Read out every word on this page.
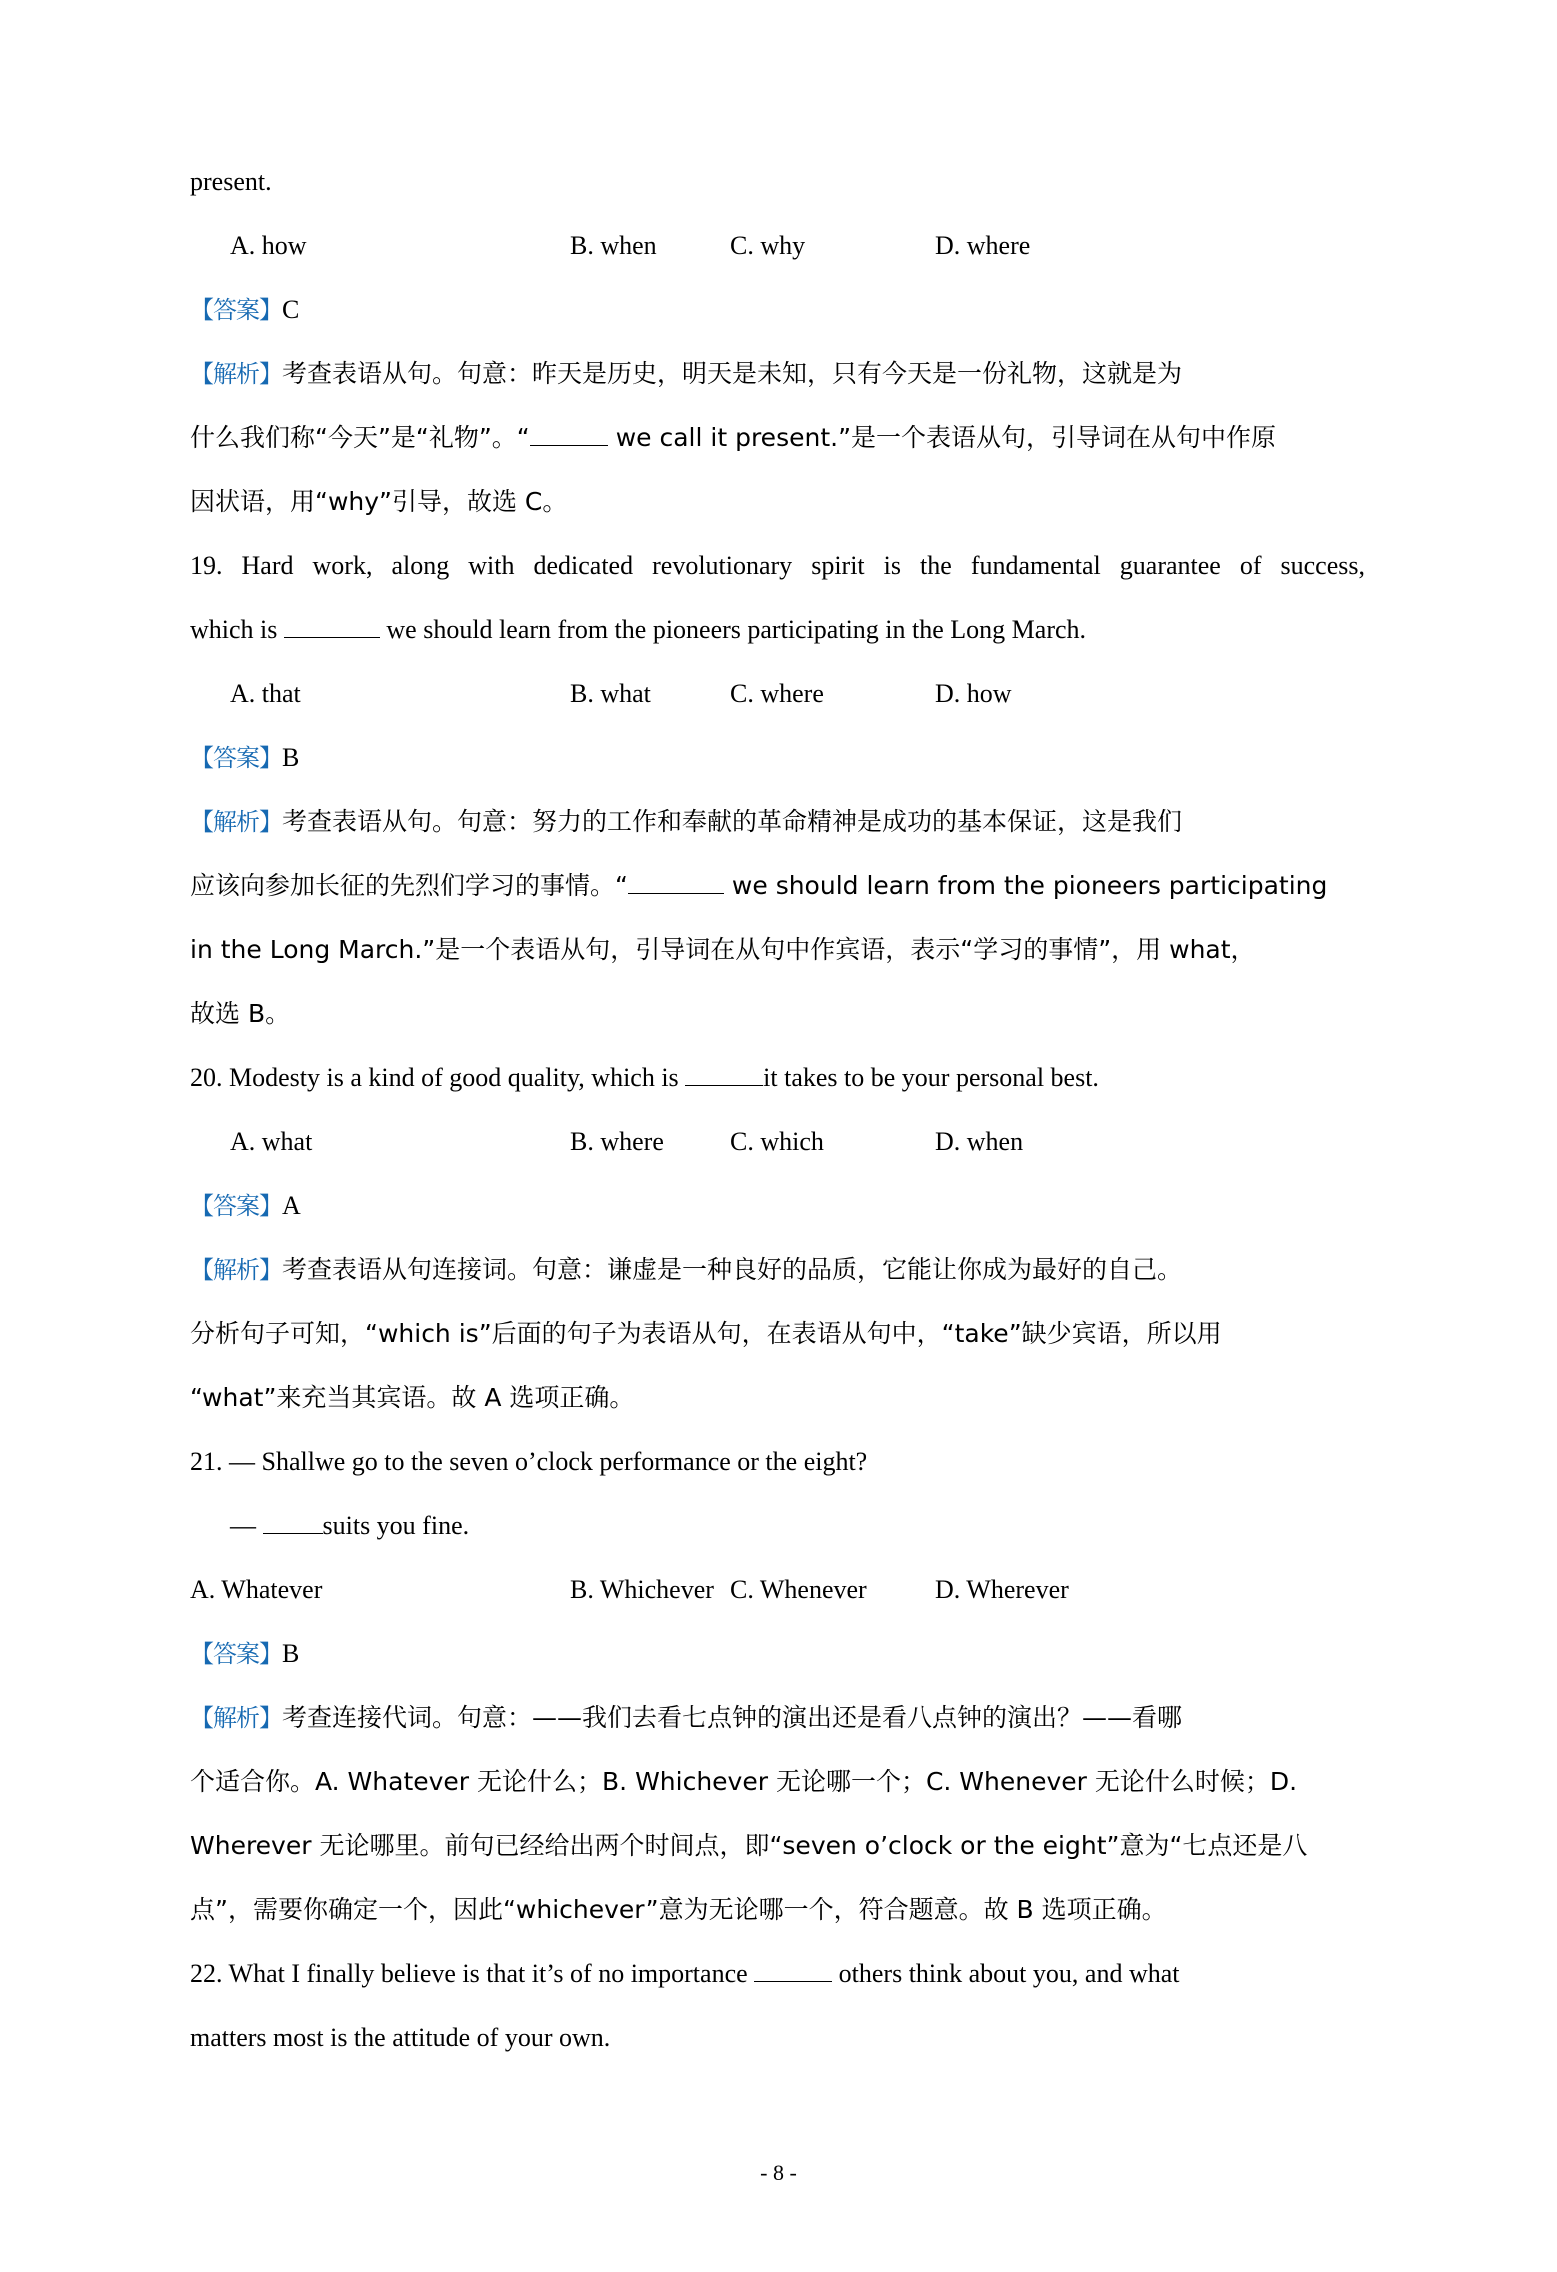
present.
A. how	B. when	C. why	D. where
【答案】C
【解析】考查表语从句。句意：昨天是历史，明天是未知，只有今天是一份礼物，这就是为
什么我们称“今天”是“礼物”。“	we call it present.”是一个表语从句，引导词在从句中作原
因状语，用“why”引导，故选 C。
19. Hard work, along with dedicated revolutionary spirit is the fundamental guarantee of success,
which is	we should learn from the pioneers participating in the Long March.
A. that	B. what	C. where	D. how
【答案】B
【解析】考查表语从句。句意：努力的工作和奉献的革命精神是成功的基本保证，这是我们
应该向参加长征的先烈们学习的事情。“	we should learn from the pioneers participating
in the Long March.”是一个表语从句，引导词在从句中作宾语，表示“学习的事情”，用 what，
故选 B。
20. Modesty is a kind of good quality, which is	it takes to be your personal best.
A. what	B. where	C. which	D. when
【答案】A
【解析】考查表语从句连接词。句意：谦虚是一种良好的品质，它能让你成为最好的自己。
分析句子可知，“which is”后面的句子为表语从句，在表语从句中，“take”缺少宾语，所以用
“what”来充当其宾语。故 A 选项正确。
21. — Shallwe go to the seven o’clock performance or the eight?
— suits you fine.
A. Whatever	B. Whichever C. Whenever	D. Wherever
【答案】B
【解析】考查连接代词。句意：——我们去看七点钟的演出还是看八点钟的演出？——看哪
个适合你。A. Whatever 无论什么；B. Whichever 无论哪一个；C. Whenever 无论什么时候；D.
Wherever 无论哪里。前句已经给出两个时间点，即“seven o’clock or the eight”意为“七点还是八
点”，需要你确定一个，因此“whichever”意为无论哪一个，符合题意。故 B 选项正确。
22. What I finally believe is that it’s of no importance	others think about you, and what
matters most is the attitude of your own.
- 8 -
